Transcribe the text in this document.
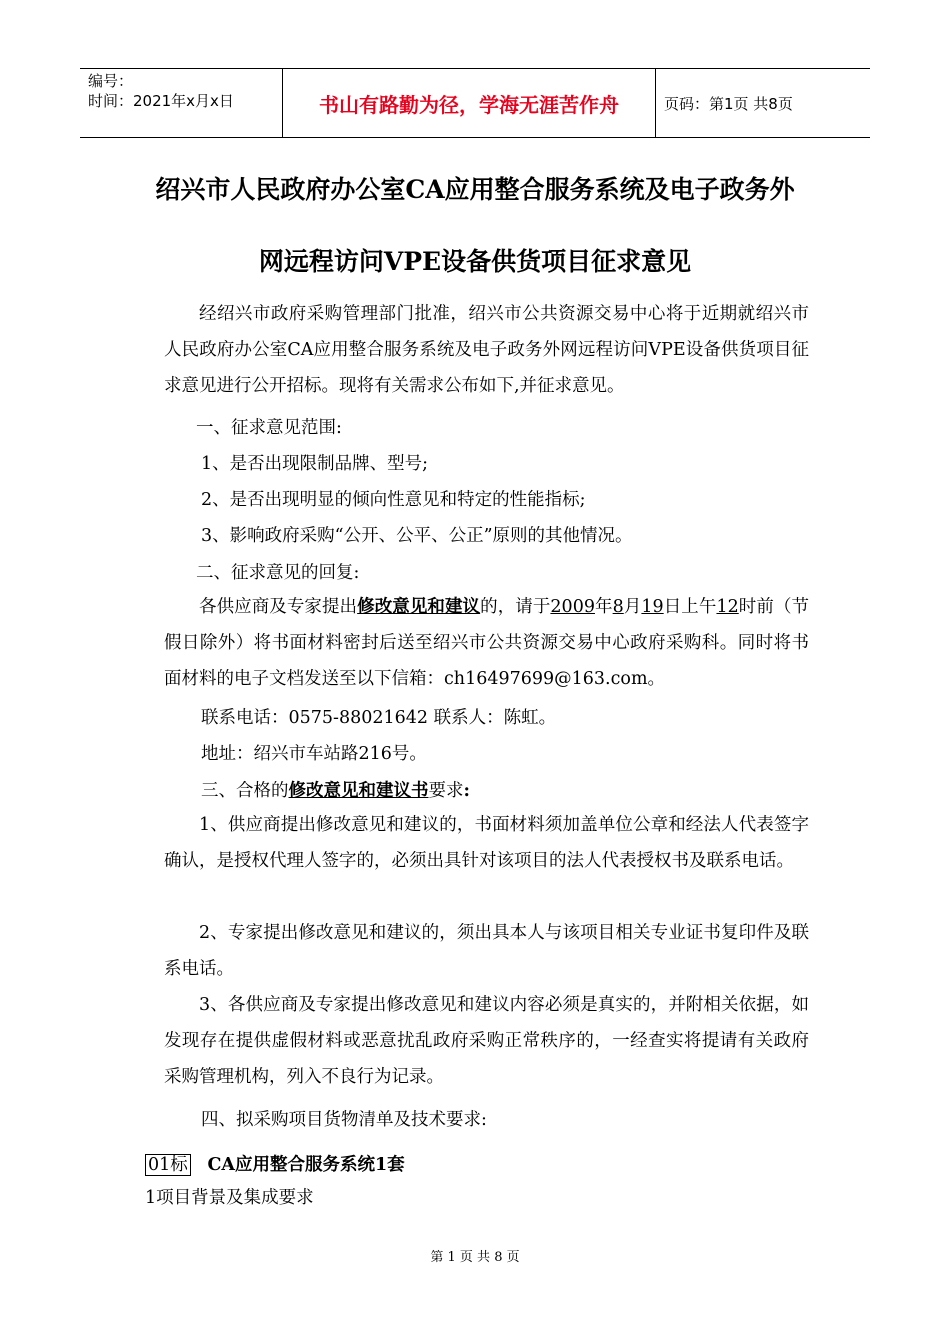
编号：
时间：2021年x月x日	书山有路勤为径，学海无涯苦作舟	页码：第1页 共8页
绍兴市人民政府办公室CA应用整合服务系统及电子政务外
网远程访问VPE设备供货项目征求意见
经绍兴市政府采购管理部门批准，绍兴市公共资源交易中心将于近期就绍兴市人民政府办公室CA应用整合服务系统及电子政务外网远程访问VPE设备供货项目征求意见进行公开招标。现将有关需求公布如下,并征求意见。
一、征求意见范围:
1、是否出现限制品牌、型号;
2、是否出现明显的倾向性意见和特定的性能指标;
3、影响政府采购“公开、公平、公正”原则的其他情况。
二、征求意见的回复:
各供应商及专家提出修改意见和建议的，请于2009年8月19日上午12时前（节假日除外）将书面材料密封后送至绍兴市公共资源交易中心政府采购科。同时将书面材料的电子文档发送至以下信箱：ch16497699@163.com。
联系电话：0575-88021642 联系人：陈虹。
地址：绍兴市车站路216号。
三、合格的修改意见和建议书要求:
1、供应商提出修改意见和建议的，书面材料须加盖单位公章和经法人代表签字确认，是授权代理人签字的，必须出具针对该项目的法人代表授权书及联系电话。
2、专家提出修改意见和建议的，须出具本人与该项目相关专业证书复印件及联系电话。
3、各供应商及专家提出修改意见和建议内容必须是真实的，并附相关依据，如发现存在提供虚假材料或恶意扰乱政府采购正常秩序的，一经查实将提请有关政府采购管理机构，列入不良行为记录。
四、拟采购项目货物清单及技术要求:
01标 CA应用整合服务系统1套
1项目背景及集成要求
第 1 页 共 8 页
